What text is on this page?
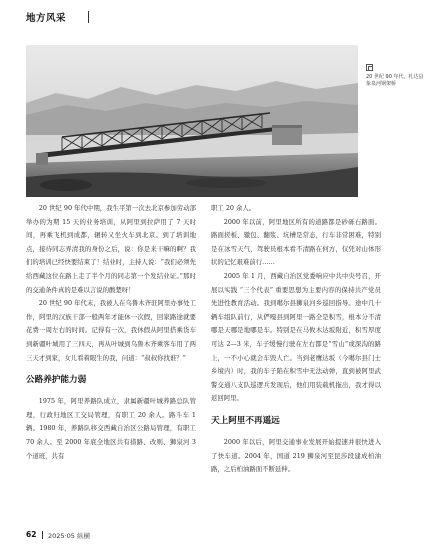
地方风采
20 世纪 90 年代，札达县象泉河钢架桥

20 世纪 90 年代中期，我生平第一次去北京参加劳动部举办的为期 15 天的业务培训，从阿里到拉萨用了 7 天时间，再乘飞机到成都，辗转又坐火车到北京。到了培训地点，接待同志弄清我的身份之后，说：你是来干嘛的啊？我们的培训已经快要结束了！结业时，主持人说：“我们必须先给西藏这位在路上走了半个月的同志第一个发结业证。”那时的交通条件真的是难以言说的酸楚呀！

20 世纪 90 年代末，我被人在乌鲁木齐驻阿里办事处工作，阿里的汉族干部一般两年才能休一次假，回家路途就要花费一周左右的时间。记得有一次，我休假从阿里搭乘货车到新疆叶城用了三四天，再从叶城到乌鲁木齐乘客车用了两三天才到家，女儿看着眼生的我，问道：“叔叔你找谁？”

公路养护能力弱

1975 年，阿里养路队成立，隶属新疆叶城养路总队管理，行政归地区工交局管理，有职工 20 余人。路斗车 1 辆。1980 年，养路队移交西藏自治区公路局管理，有职工 70 余人。至 2000 年底全地区共有措路、改则、狮泉河 3 个道班，共有

职工 20 余人。

2000 年以前，阿里地区所有的道路都是砂砾石路面。路面搓板、辙包、翻浆、坑槽是常态，行车非常困难，特别是在冰雪天气，驾驶员根本看不清路在何方，仅凭对山体形状的记忆艰难前行……

2005 年 1 月，西藏自治区党委响应中共中央号召，开展以实践 “三个代表” 重要思想为主要内容的保持共产党员先进性教育活动。我到噶尔县狮泉河乡巡回指导。途中几十辆车组队前行，从俨嘎县到阿里一路全是积雪，根本分不清哪是天哪是地哪是车。特别是在马攸木达坂附近，积雪厚度可达 2—3 米，车子缓慢行驶在左右都是“雪山”或深沟的路上，一不小心就会车毁人亡。当到老鹰达坂（今噶尔县门士乡境内）时，我的车子陷在积雪中无法动弹，直到被阿里武警交通八支队巡逻兵发现后，他们用装载机拖出，我才得以返回阿里。

天上阿里不再遥远

2000 年以后，阿里交通事业发展开始提速并很快进入了快车道。2004 年，国道 219 狮泉河至昆莎段建成柏油路，之后柏油路面不断延伸。

62 2025·05 纵横
